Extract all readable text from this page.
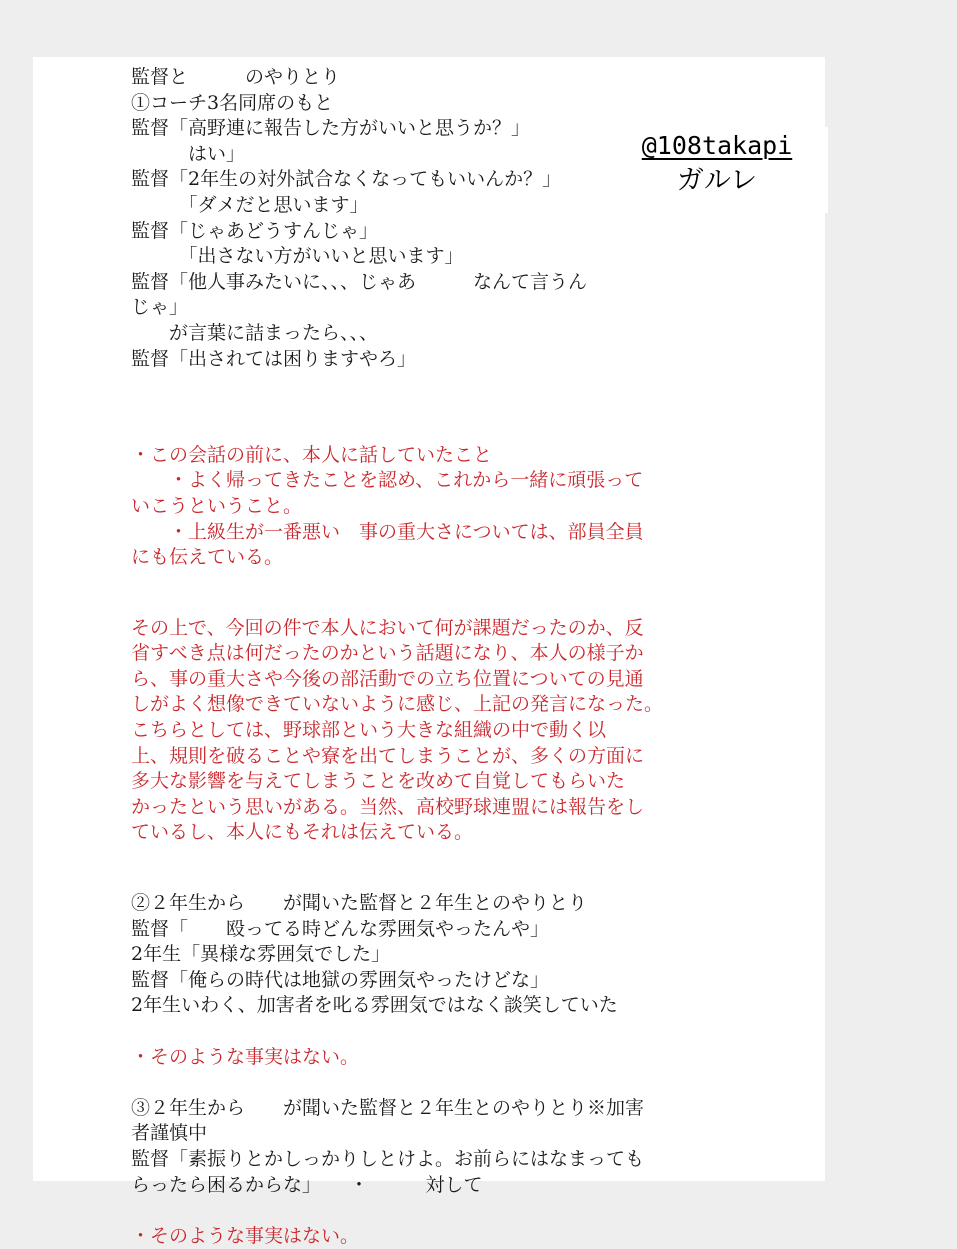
監督と　　　のやりとり
①コーチ3名同席のもと
監督「高野連に報告した方がいいと思うか？」
　　　はい」
監督「2年生の対外試合なくなってもいいんか？」
　　　「ダメだと思います」
監督「じゃあどうすんじゃ」
　　　「出さない方がいいと思います」
監督「他人事みたいに、、、じゃあ　　　なんて言うん
じゃ」
　　が言葉に詰まったら、、、
監督「出されては困りますやろ」
・この会話の前に、本人に話していたこと
　　・よく帰ってきたことを認め、これから一緒に頑張って
いこうということ。
　　・上級生が一番悪い　事の重大さについては、部員全員
にも伝えている。
その上で、今回の件で本人において何が課題だったのか、反
省すべき点は何だったのかという話題になり、本人の様子か
ら、事の重大さや今後の部活動での立ち位置についての見通
しがよく想像できていないように感じ、上記の発言になった。
こちらとしては、野球部という大きな組織の中で動く以
上、規則を破ることや寮を出てしまうことが、多くの方面に
多大な影響を与えてしまうことを改めて自覚してもらいた
かったという思いがある。当然、高校野球連盟には報告をし
ているし、本人にもそれは伝えている。
②２年生から　　が聞いた監督と２年生とのやりとり
監督「　　殴ってる時どんな雰囲気やったんや」
2年生「異様な雰囲気でした」
監督「俺らの時代は地獄の雰囲気やったけどな」
2年生いわく、加害者を叱る雰囲気ではなく談笑していた
・そのような事実はない。
③２年生から　　が聞いた監督と２年生とのやりとり※加害
者謹慎中
監督「素振りとかしっかりしとけよ。お前らにはなまっても
らったら困るからな」　　・　　　対して
・そのような事実はない。
@108takapi
ガルレ
